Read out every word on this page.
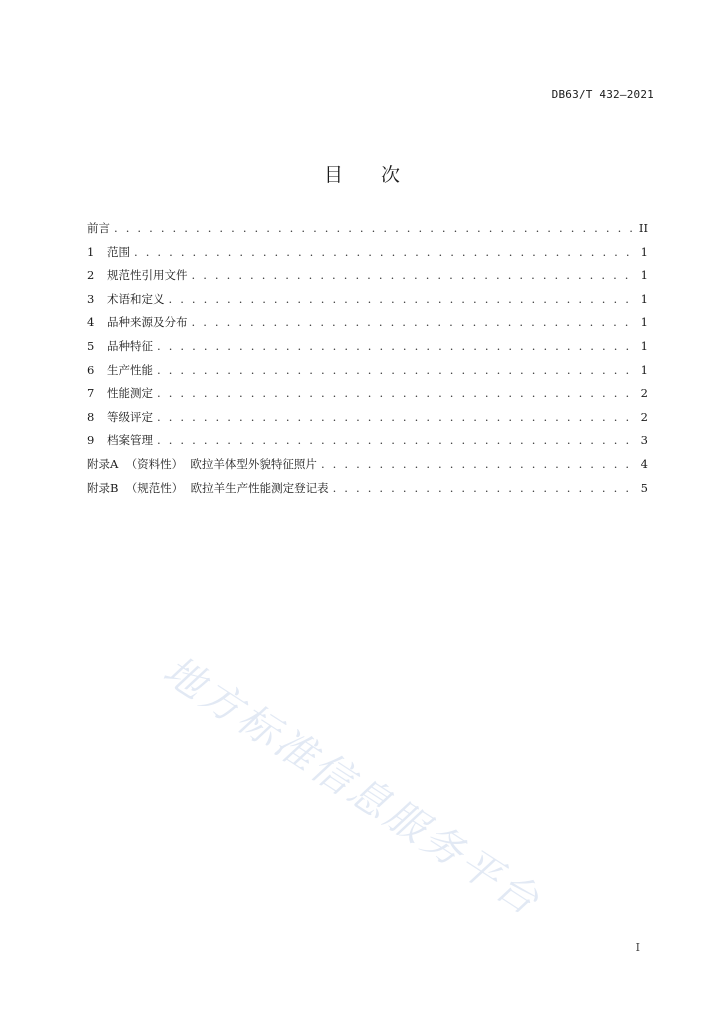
DB63/T 432—2021
目次
前言 . . .	II
1	范围 . . .	1
2	规范性引用文件 . . .	1
3	术语和定义 . . .	1
4	品种来源及分布 . . .	1
5	品种特征 . . .	1
6	生产性能 . . .	1
7	性能测定 . . .	2
8	等级评定 . . .	2
9	档案管理 . . .	3
附录A  （资料性）  欧拉羊体型外貌特征照片 . . .	4
附录B  （规范性）  欧拉羊生产性能测定登记表 . . .	5
地方标准信息服务平台
I
